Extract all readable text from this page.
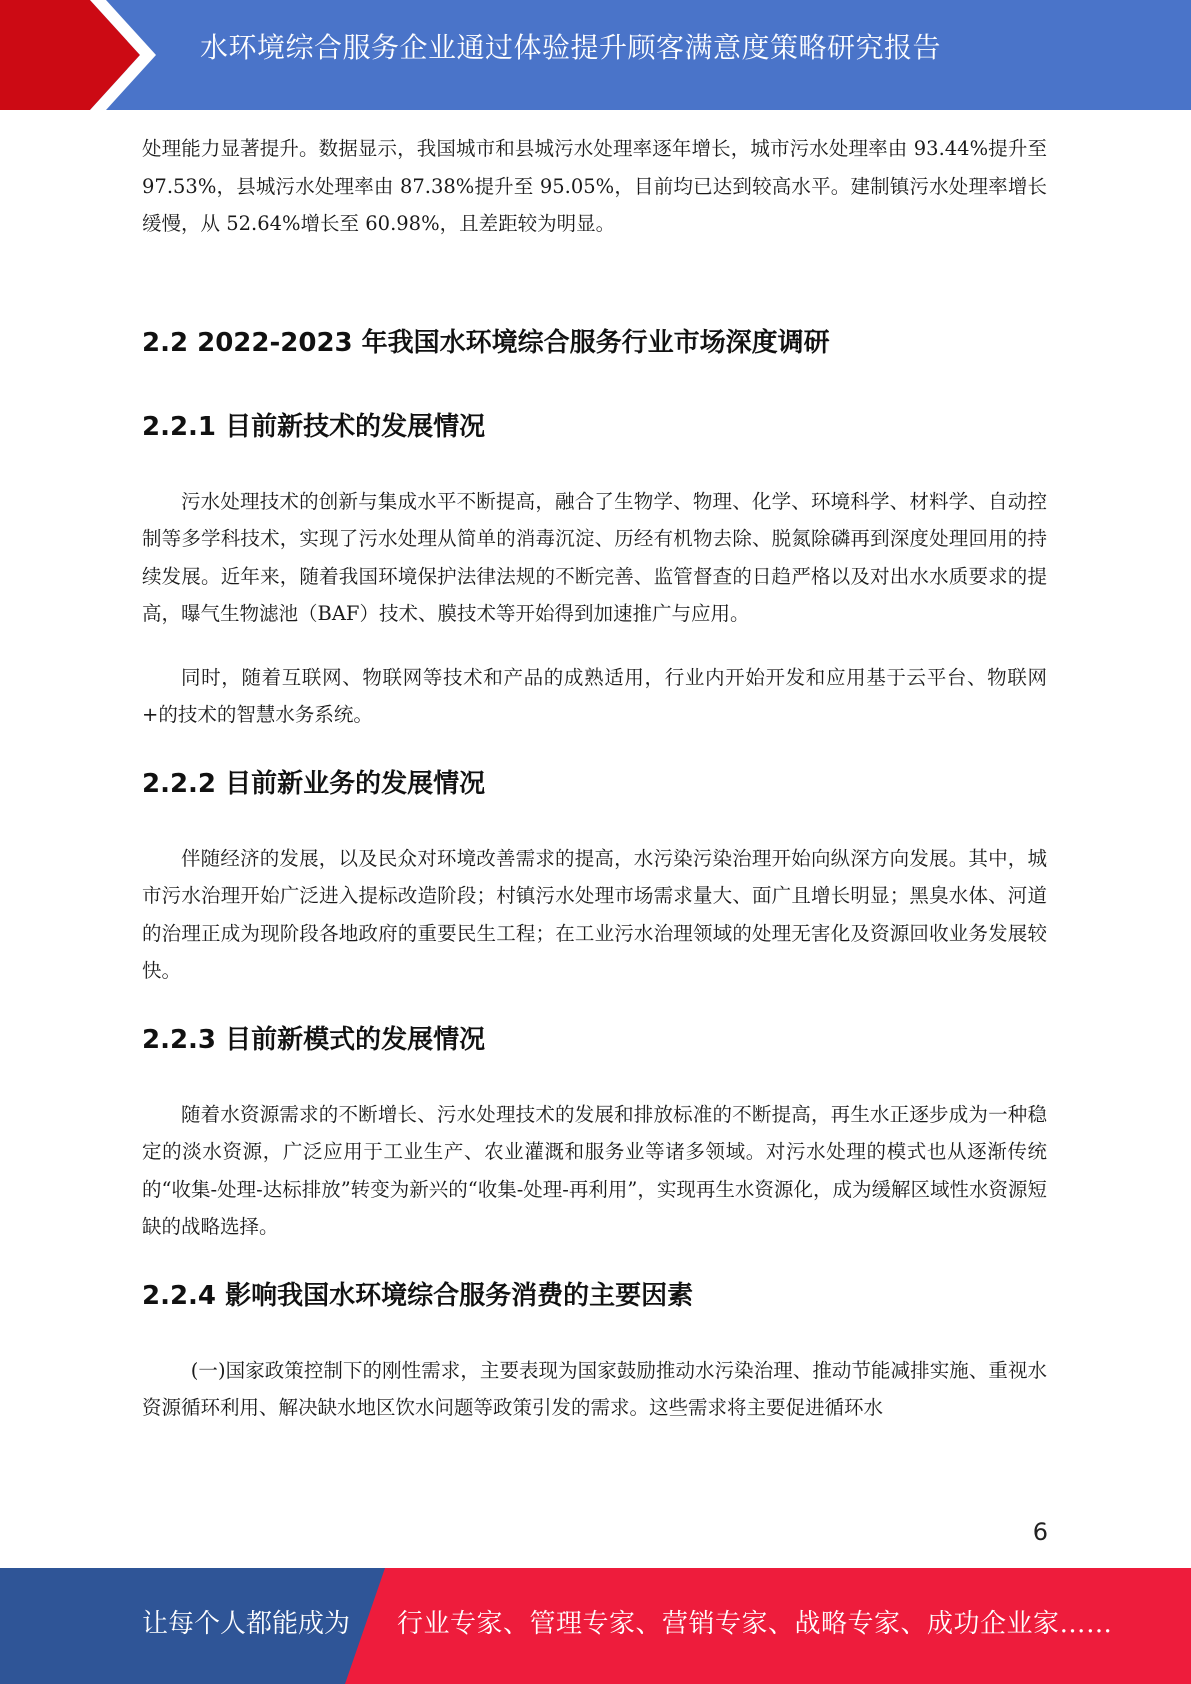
水环境综合服务企业通过体验提升顾客满意度策略研究报告

处理能力显著提升。数据显示，我国城市和县城污水处理率逐年增长，城市污水处理率由 93.44%提升至 97.53%，县城污水处理率由 87.38%提升至 95.05%，目前均已达到较高水平。建制镇污水处理率增长缓慢，从 52.64%增长至 60.98%，且差距较为明显。

2.2 2022-2023 年我国水环境综合服务行业市场深度调研
2.2.1 目前新技术的发展情况

污水处理技术的创新与集成水平不断提高，融合了生物学、物理、化学、环境科学、材料学、自动控制等多学科技术，实现了污水处理从简单的消毒沉淀、历经有机物去除、脱氮除磷再到深度处理回用的持续发展。近年来，随着我国环境保护法律法规的不断完善、监管督查的日趋严格以及对出水水质要求的提高，曝气生物滤池（BAF）技术、膜技术等开始得到加速推广与应用。

同时，随着互联网、物联网等技术和产品的成熟适用，行业内开始开发和应用基于云平台、物联网+的技术的智慧水务系统。

2.2.2 目前新业务的发展情况

伴随经济的发展，以及民众对环境改善需求的提高，水污染污染治理开始向纵深方向发展。其中，城市污水治理开始广泛进入提标改造阶段；村镇污水处理市场需求量大、面广且增长明显；黑臭水体、河道的治理正成为现阶段各地政府的重要民生工程；在工业污水治理领域的处理无害化及资源回收业务发展较快。

2.2.3 目前新模式的发展情况

随着水资源需求的不断增长、污水处理技术的发展和排放标准的不断提高，再生水正逐步成为一种稳定的淡水资源，广泛应用于工业生产、农业灌溉和服务业等诸多领域。对污水处理的模式也从逐渐传统的“收集-处理-达标排放”转变为新兴的“收集-处理-再利用”，实现再生水资源化，成为缓解区域性水资源短缺的战略选择。

2.2.4 影响我国水环境综合服务消费的主要因素

(一)国家政策控制下的刚性需求，主要表现为国家鼓励推动水污染治理、推动节能减排实施、重视水资源循环利用、解决缺水地区饮水问题等政策引发的需求。这些需求将主要促进循环水

6
让每个人都能成为 行业专家、管理专家、营销专家、战略专家、成功企业家……
